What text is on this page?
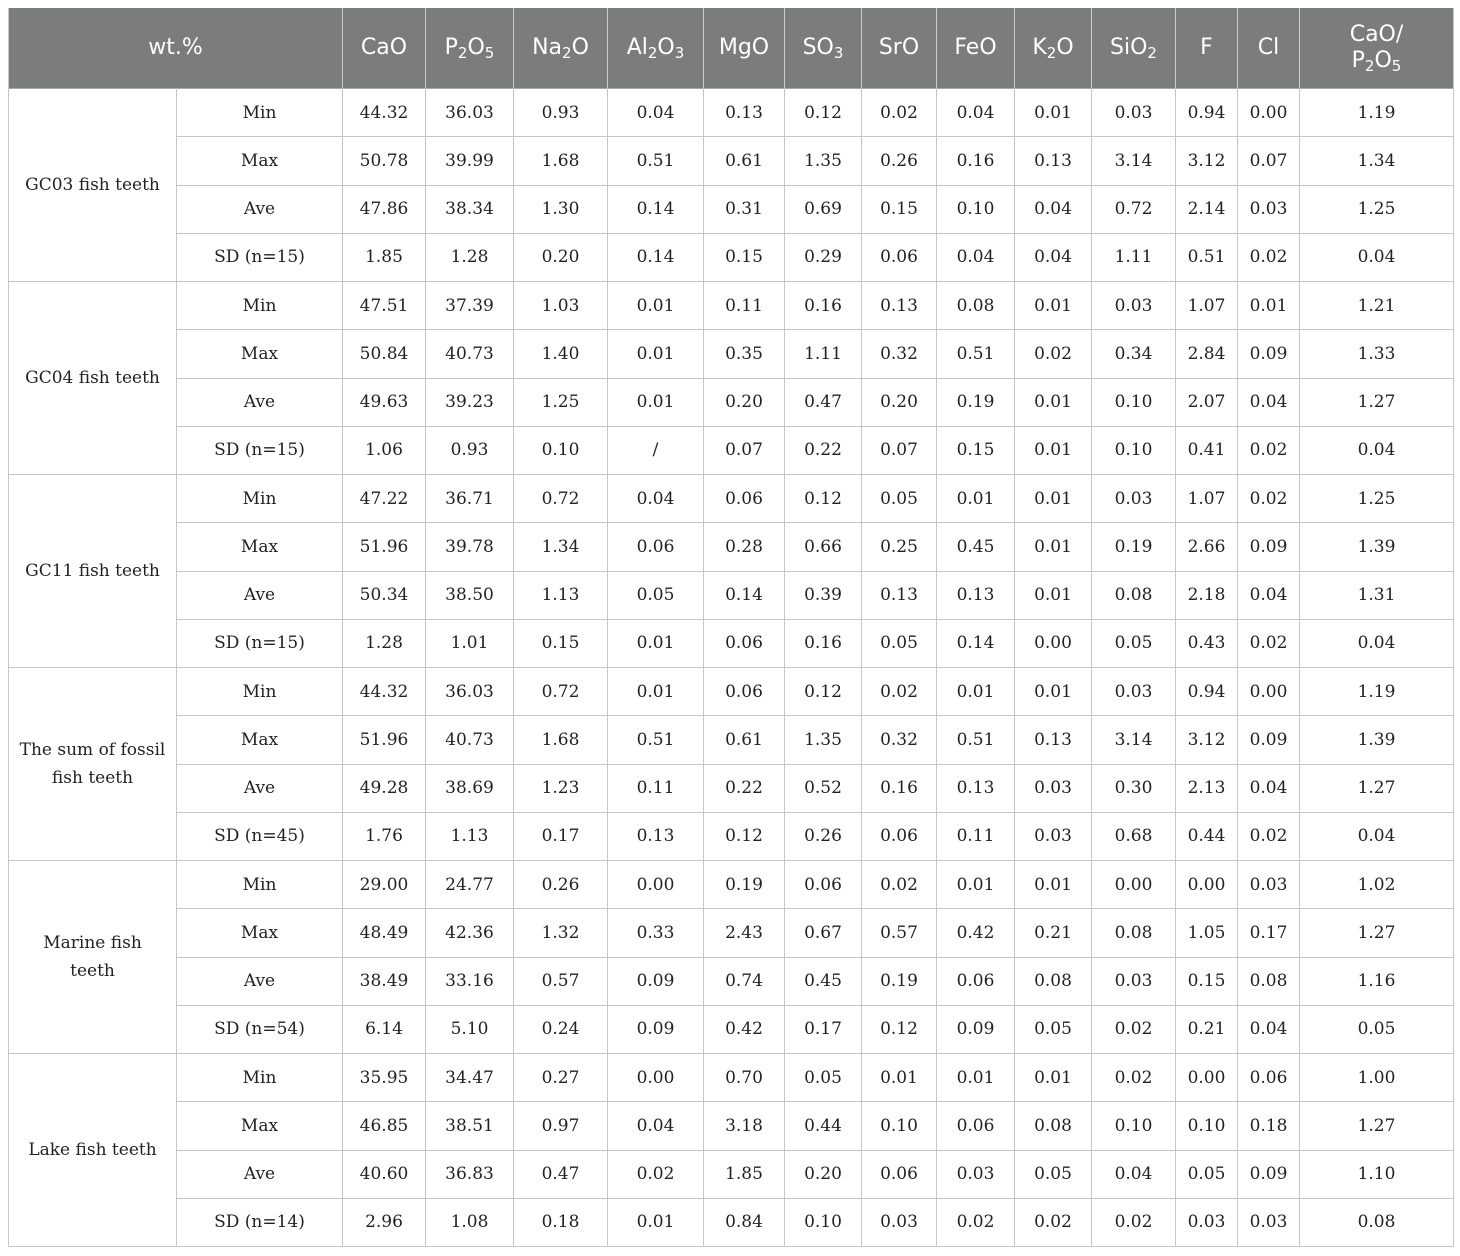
wt.%		CaO	$P_2O_5$	$Na_2O$	$Al_2O_3$	MgO	$SO_3$	SrO	FeO	$K_2O$	SiO$_2$	F	Cl	CaO/
$P_2O_5$
GC03 fish teeth	Min	44.32	36.03	0.93	0.04	0.13	0.12	0.02	0.04	0.01	0.03	0.94	0.00	1.19
	Max	50.78	39.99	1.68	0.51	0.61	1.35	0.26	0.16	0.13	3.14	3.12	0.07	1.34
	Ave	47.86	38.34	1.30	0.14	0.31	0.69	0.15	0.10	0.04	0.72	2.14	0.03	1.25
	SD (n=15)	1.85	1.28	0.20	0.14	0.15	0.29	0.06	0.04	0.04	1.11	0.51	0.02	0.04
GC04 fish teeth	Min	47.51	37.39	1.03	0.01	0.11	0.16	0.13	0.08	0.01	0.03	1.07	0.01	1.21
	Max	50.84	40.73	1.40	0.01	0.35	1.11	0.32	0.51	0.02	0.34	2.84	0.09	1.33
	Ave	49.63	39.23	1.25	0.01	0.20	0.47	0.20	0.19	0.01	0.10	2.07	0.04	1.27
	SD (n=15)	1.06	0.93	0.10	/	0.07	0.22	0.07	0.15	0.01	0.10	0.41	0.02	0.04
GC11 fish teeth	Min	47.22	36.71	0.72	0.04	0.06	0.12	0.05	0.01	0.01	0.03	1.07	0.02	1.25
	Max	51.96	39.78	1.34	0.06	0.28	0.66	0.25	0.45	0.01	0.19	2.66	0.09	1.39
	Ave	50.34	38.50	1.13	0.05	0.14	0.39	0.13	0.13	0.01	0.08	2.18	0.04	1.31
	SD (n=15)	1.28	1.01	0.15	0.01	0.06	0.16	0.05	0.14	0.00	0.05	0.43	0.02	0.04
The sum of fossil fish teeth	Min	44.32	36.03	0.72	0.01	0.06	0.12	0.02	0.01	0.01	0.03	0.94	0.00	1.19
	Max	51.96	40.73	1.68	0.51	0.61	1.35	0.32	0.51	0.13	3.14	3.12	0.09	1.39
	Ave	49.28	38.69	1.23	0.11	0.22	0.52	0.16	0.13	0.03	0.30	2.13	0.04	1.27
	SD (n=45)	1.76	1.13	0.17	0.13	0.12	0.26	0.06	0.11	0.03	0.68	0.44	0.02	0.04
Marine fish teeth	Min	29.00	24.77	0.26	0.00	0.19	0.06	0.02	0.01	0.01	0.00	0.00	0.03	1.02
	Max	48.49	42.36	1.32	0.33	2.43	0.67	0.57	0.42	0.21	0.08	1.05	0.17	1.27
	Ave	38.49	33.16	0.57	0.09	0.74	0.45	0.19	0.06	0.08	0.03	0.15	0.08	1.16
	SD (n=54)	6.14	5.10	0.24	0.09	0.42	0.17	0.12	0.09	0.05	0.02	0.21	0.04	0.05
Lake fish teeth	Min	35.95	34.47	0.27	0.00	0.70	0.05	0.01	0.01	0.01	0.02	0.00	0.06	1.00
	Max	46.85	38.51	0.97	0.04	3.18	0.44	0.10	0.06	0.08	0.10	0.10	0.18	1.27
	Ave	40.60	36.83	0.47	0.02	1.85	0.20	0.06	0.03	0.05	0.04	0.05	0.09	1.10
	SD (n=14)	2.96	1.08	0.18	0.01	0.84	0.10	0.03	0.02	0.02	0.02	0.03	0.03	0.08
